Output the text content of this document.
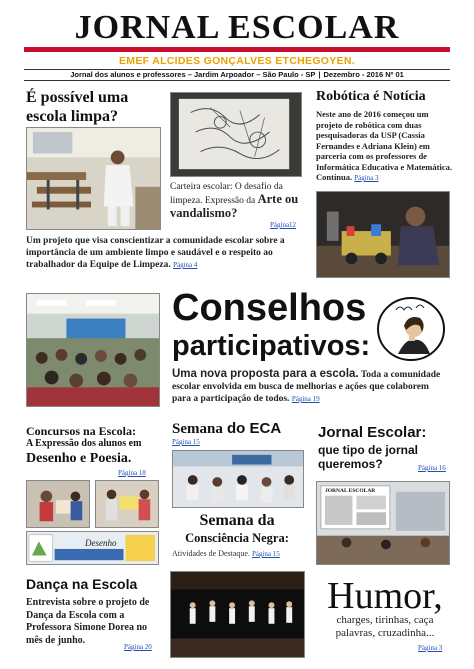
JORNAL ESCOLAR
EMEF ALCIDES GONÇALVES ETCHEGOYEN.
Jornal dos alunos e professores – Jardim Arpoador – São Paulo - SP | Dezembro - 2016 Nº 01
É possível uma escola limpa?
Carteira escolar: O desafio da limpeza. Expressão da Arte ou vandalismo?
Página12
Um projeto que visa conscientizar a comunidade escolar sobre a importância de um ambiente limpo e saudável e o respeito ao trabalhador da Equipe de Limpeza. Página 4
Robótica é Notícia
Neste ano de 2016 começou um projeto de robótica com duas pesquisadoras da USP (Cassia Fernandes e Adriana Klein) em parceria com os professores de Informática Educativa e Matemática. Continua. Página 3
Conselhos
participativos:
Uma nova proposta para a escola. Toda a comunidade escolar envolvida em busca de melhorias e ações que colaborem para a participação de todos. Página 19
Concursos na Escola:
A Expressão dos alunos em
Desenho e Poesia.
Página 18
Desenho
Semana do ECA
Página 15
Semana da
Consciência Negra:
Atividades de Destaque. Página 15
Jornal Escolar:
que tipo de jornal queremos?	Página 16
JORNAL ESCOLAR
Dança na Escola
Entrevista sobre o projeto de Dança da Escola com a Professora Simone Dorea no mês de junho.
Página 20
Humor,
charges, tirinhas, caça palavras, cruzadinha...
Página 3
